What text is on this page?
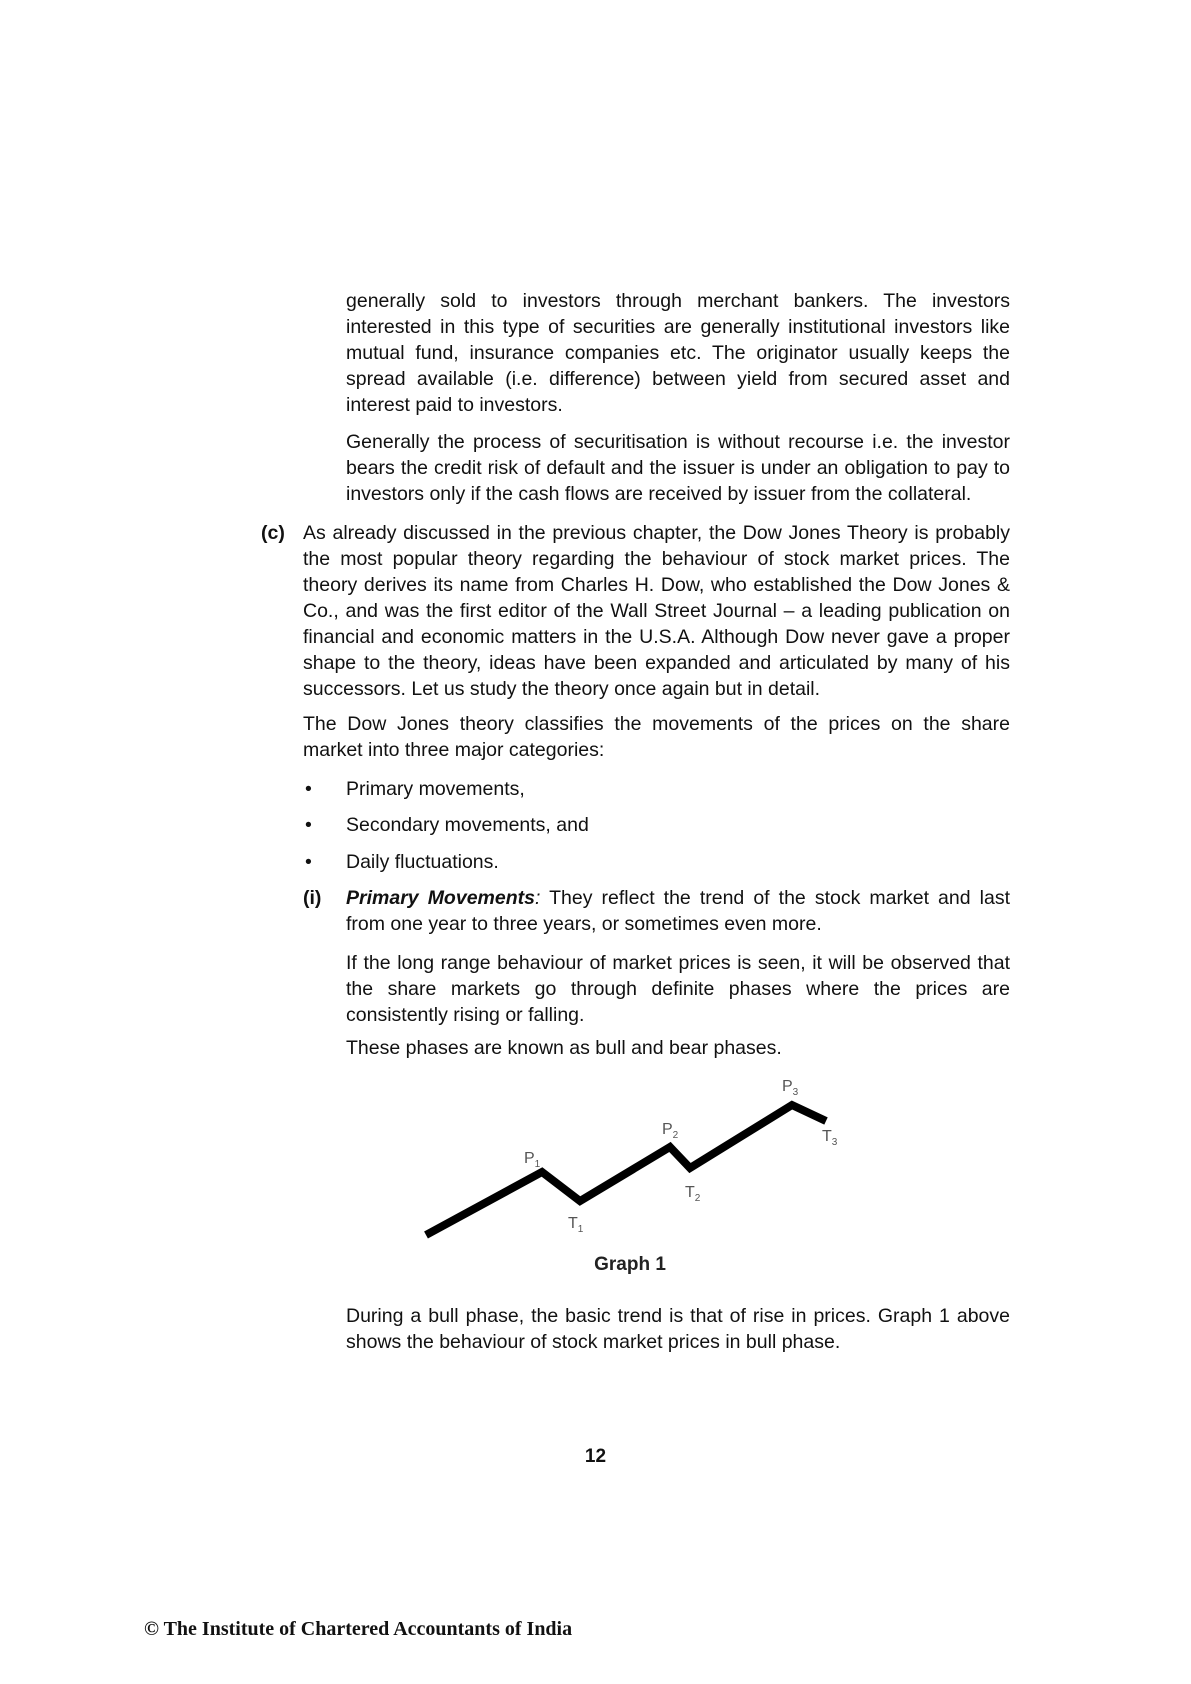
generally sold to investors through merchant bankers. The investors interested in this type of securities are generally institutional investors like mutual fund, insurance companies etc. The originator usually keeps the spread available (i.e. difference) between yield from secured asset and interest paid to investors.

Generally the process of securitisation is without recourse i.e. the investor bears the credit risk of default and the issuer is under an obligation to pay to investors only if the cash flows are received by issuer from the collateral.

(c) As already discussed in the previous chapter, the Dow Jones Theory is probably the most popular theory regarding the behaviour of stock market prices. The theory derives its name from Charles H. Dow, who established the Dow Jones & Co., and was the first editor of the Wall Street Journal – a leading publication on financial and economic matters in the U.S.A. Although Dow never gave a proper shape to the theory, ideas have been expanded and articulated by many of his successors. Let us study the theory once again but in detail.

The Dow Jones theory classifies the movements of the prices on the share market into three major categories:

• Primary movements,
• Secondary movements, and
• Daily fluctuations.
(i) Primary Movements: They reflect the trend of the stock market and last from one year to three years, or sometimes even more.

If the long range behaviour of market prices is seen, it will be observed that the share markets go through definite phases where the prices are consistently rising or falling.

These phases are known as bull and bear phases.

$P_1$
$T_1$
$P_2$
$T_2$
$P_3$
$T_3$
Graph 1

During a bull phase, the basic trend is that of rise in prices. Graph 1 above shows the behaviour of stock market prices in bull phase.

12
© The Institute of Chartered Accountants of India
